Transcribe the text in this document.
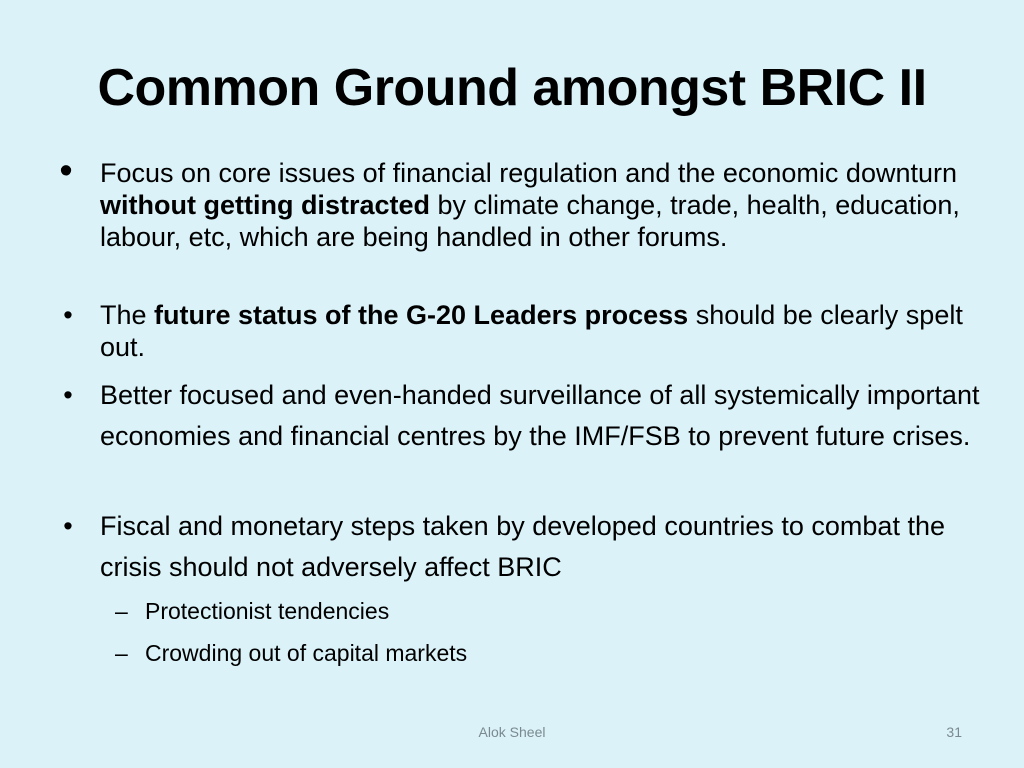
Common Ground amongst BRIC II
• Focus on core issues of financial regulation and the economic downturn without getting distracted by climate change, trade, health, education, labour, etc, which are being handled in other forums.
• The future status of the G-20 Leaders process should be clearly spelt out.
• Better focused and even-handed surveillance of all systemically important economies and financial centres by the IMF/FSB to prevent future crises.
• Fiscal and monetary steps taken by developed countries to combat the crisis should not adversely affect BRIC
– Protectionist tendencies
– Crowding out of capital markets
Alok Sheel	31
